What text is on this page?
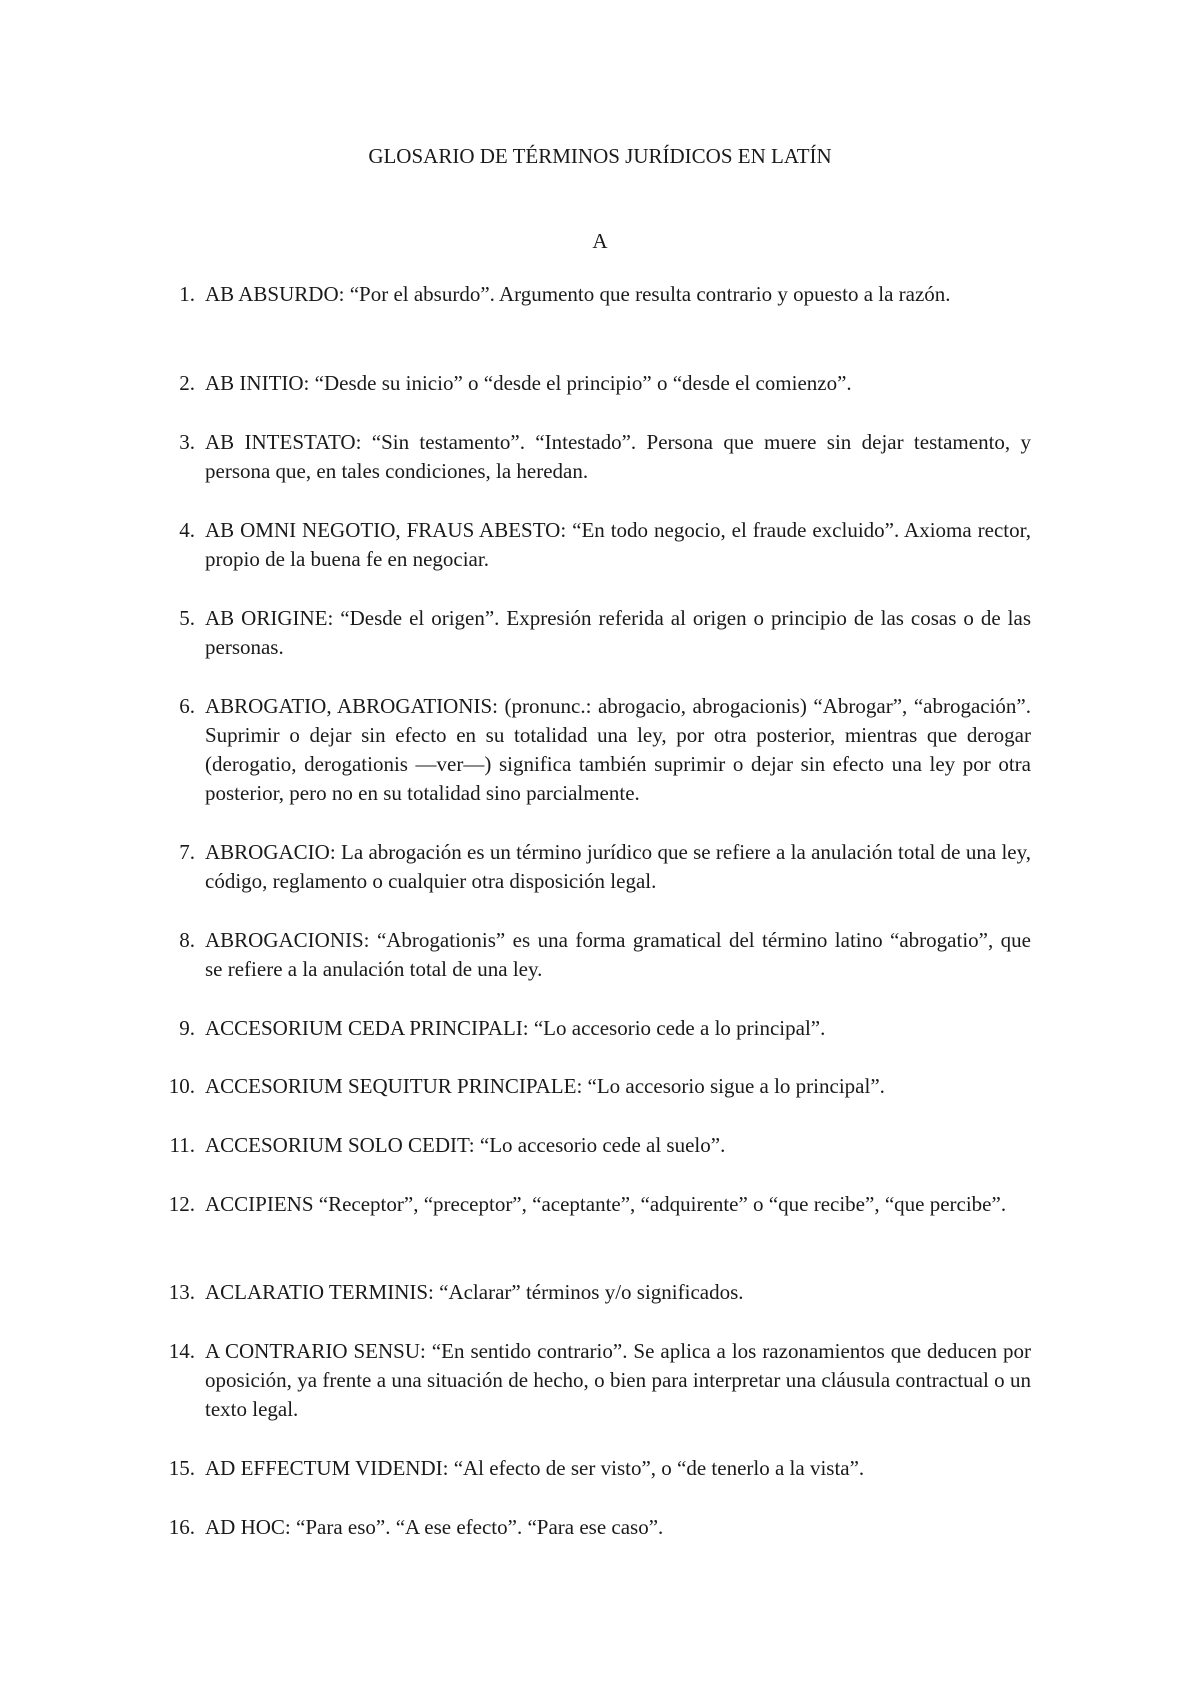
GLOSARIO DE TÉRMINOS JURÍDICOS EN LATÍN
A
1. AB ABSURDO: “Por el absurdo”. Argumento que resulta contrario y opuesto a la razón.
2. AB INITIO: “Desde su inicio” o “desde el principio” o “desde el comienzo”.
3. AB INTESTATO: “Sin testamento”. “Intestado”. Persona que muere sin dejar testamento, y persona que, en tales condiciones, la heredan.
4. AB OMNI NEGOTIO, FRAUS ABESTO: “En todo negocio, el fraude excluido”. Axioma rector, propio de la buena fe en negociar.
5. AB ORIGINE: “Desde el origen”. Expresión referida al origen o principio de las cosas o de las personas.
6. ABROGATIO, ABROGATIONIS: (pronunc.: abrogacio, abrogacionis) “Abrogar”, “abrogación”. Suprimir o dejar sin efecto en su totalidad una ley, por otra posterior, mientras que derogar (derogatio, derogationis —ver—) significa también suprimir o dejar sin efecto una ley por otra posterior, pero no en su totalidad sino parcialmente.
7. ABROGACIO: La abrogación es un término jurídico que se refiere a la anulación total de una ley, código, reglamento o cualquier otra disposición legal.
8. ABROGACIONIS: “Abrogationis” es una forma gramatical del término latino “abrogatio”, que se refiere a la anulación total de una ley.
9. ACCESORIUM CEDA PRINCIPALI: “Lo accesorio cede a lo principal”.
10. ACCESORIUM SEQUITUR PRINCIPALE: “Lo accesorio sigue a lo principal”.
11. ACCESORIUM SOLO CEDIT: “Lo accesorio cede al suelo”.
12. ACCIPIENS “Receptor”, “preceptor”, “aceptante”, “adquirente” o “que recibe”, “que percibe”.
13. ACLARATIO TERMINIS: “Aclarar” términos y/o significados.
14. A CONTRARIO SENSU: “En sentido contrario”. Se aplica a los razonamientos que deducen por oposición, ya frente a una situación de hecho, o bien para interpretar una cláusula contractual o un texto legal.
15. AD EFFECTUM VIDENDI: “Al efecto de ser visto”, o “de tenerlo a la vista”.
16. AD HOC: “Para eso”. “A ese efecto”. “Para ese caso”.
